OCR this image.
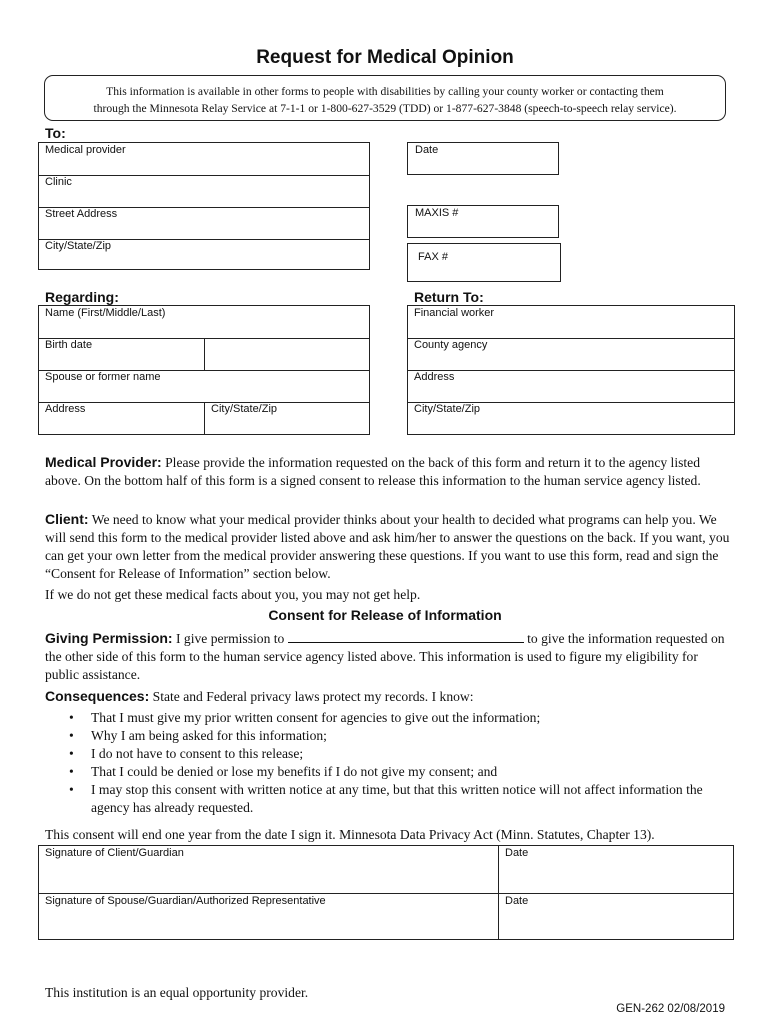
Request for Medical Opinion
This information is available in other forms to people with disabilities by calling your county worker or contacting them
through the Minnesota Relay Service at 7-1-1 or 1-800-627-3529 (TDD) or 1-877-627-3848 (speech-to-speech relay service).
To:
Medical provider
Clinic
Street Address
City/State/Zip
Date
MAXIS #
FAX #
Regarding:
Name (First/Middle/Last)
Birth date
Spouse or former name
Address	City/State/Zip
Return To:
Financial worker
County agency
Address
City/State/Zip
Medical Provider: Please provide the information requested on the back of this form and return it to the agency listed above. On the bottom half of this form is a signed consent to release this information to the human service agency listed.
Client: We need to know what your medical provider thinks about your health to decided what programs can help you. We will send this form to the medical provider listed above and ask him/her to answer the questions on the back. If you want, you can get your own letter from the medical provider answering these questions. If you want to use this form, read and sign the “Consent for Release of Information” section below.
If we do not get these medical facts about you, you may not get help.
Consent for Release of Information
Giving Permission: I give permission to	to give the information requested on the other side of this form to the human service agency listed above. This information is used to figure my eligibility for public assistance.
Consequences: State and Federal privacy laws protect my records. I know:
• That I must give my prior written consent for agencies to give out the information;
• Why I am being asked for this information;
• I do not have to consent to this release;
• That I could be denied or lose my benefits if I do not give my consent; and
• I may stop this consent with written notice at any time, but that this written notice will not affect information the agency has already requested.
This consent will end one year from the date I sign it. Minnesota Data Privacy Act (Minn. Statutes, Chapter 13).
Signature of Client/Guardian	Date
Signature of Spouse/Guardian/Authorized Representative	Date
This institution is an equal opportunity provider.
GEN-262 02/08/2019
